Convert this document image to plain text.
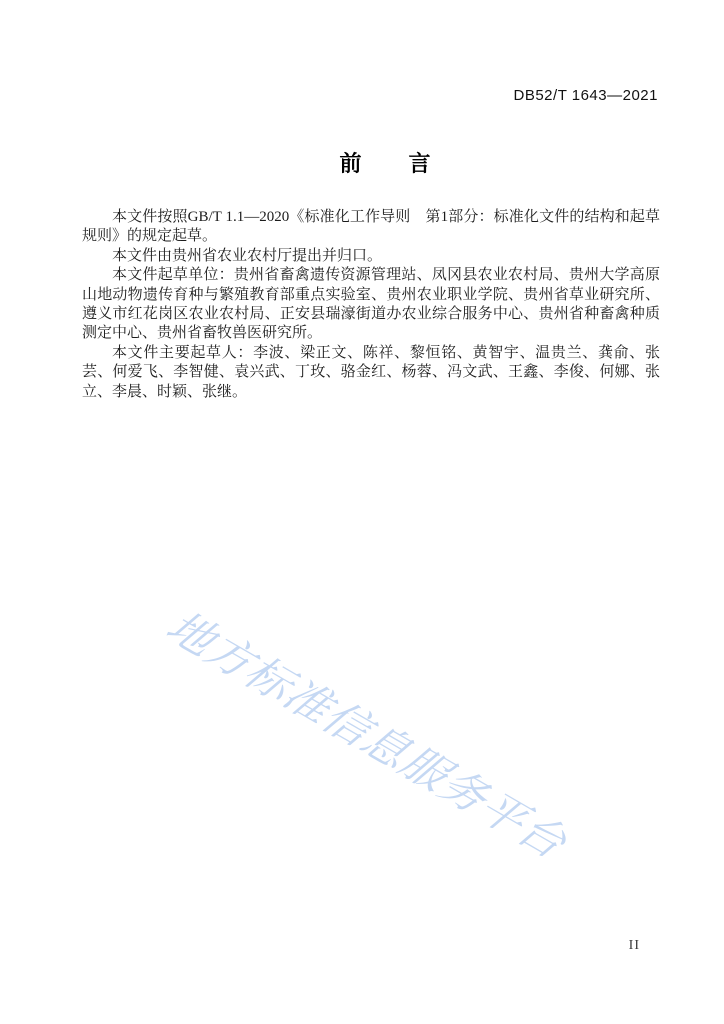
DB52/T 1643—2021
前　　言

本文件按照GB/T 1.1—2020《标准化工作导则　第1部分：标准化文件的结构和起草规则》的规定起草。

本文件由贵州省农业农村厅提出并归口。

本文件起草单位：贵州省畜禽遗传资源管理站、凤冈县农业农村局、贵州大学高原山地动物遗传育种与繁殖教育部重点实验室、贵州农业职业学院、贵州省草业研究所、遵义市红花岗区农业农村局、正安县瑞濠街道办农业综合服务中心、贵州省种畜禽种质测定中心、贵州省畜牧兽医研究所。

本文件主要起草人：李波、梁正文、陈祥、黎恒铭、黄智宇、温贵兰、龚俞、张芸、何爱飞、李智健、袁兴武、丁玫、骆金红、杨蓉、冯文武、王鑫、李俊、何娜、张立、李晨、时颖、张继。

地方标准信息服务平台
II
